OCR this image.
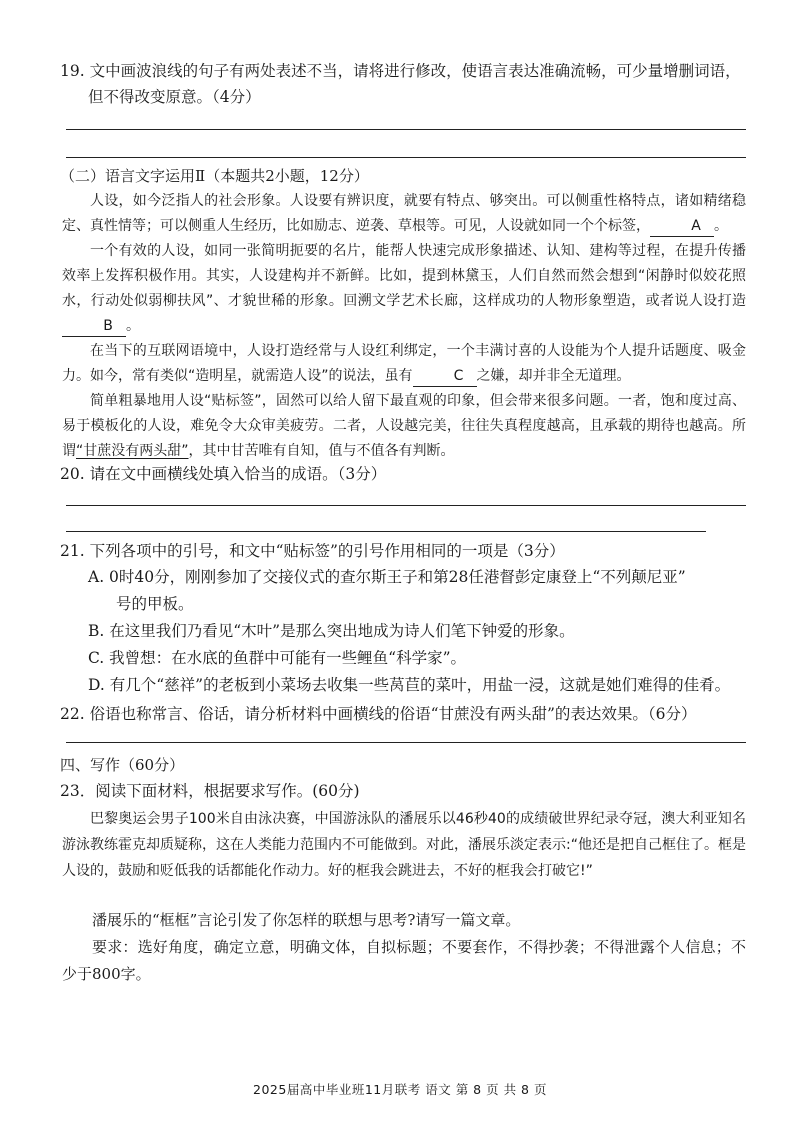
19. 文中画波浪线的句子有两处表述不当，请将进行修改，使语言表达准确流畅，可少量增删词语，
但不得改变原意。（4分）
（二）语言文字运用Ⅱ（本题共2小题，12分）
人设，如今泛指人的社会形象。人设要有辨识度，就要有特点、够突出。可以侧重性格特点，诸如精绪稳定、真性情等；可以侧重人生经历，比如励志、逆袭、草根等。可见，人设就如同一个个标签，	A 。
一个有效的人设，如同一张简明扼要的名片，能帮人快速完成形象描述、认知、建构等过程，在提升传播效率上发挥积极作用。其实，人设建构并不新鲜。比如，提到林黛玉，人们自然而然会想到“闲静时似姣花照水，行动处似弱柳扶风”、才貌世稀的形象。回溯文学艺术长廊，这样成功的人物形象塑造，或者说人设打造B 。
在当下的互联网语境中，人设打造经常与人设红利绑定，一个丰满讨喜的人设能为个人提升话题度、吸金力。如今，常有类似“造明星，就需造人设”的说法，虽有	C 之嫌，却并非全无道理。
简单粗暴地用人设“贴标签”，固然可以给人留下最直观的印象，但会带来很多问题。一者，饱和度过高、易于模板化的人设，难免令大众审美疲劳。二者，人设越完美，往往失真程度越高，且承载的期待也越高。所谓“甘蔗没有两头甜”，其中甘苦唯有自知，值与不值各有判断。
20. 请在文中画横线处填入恰当的成语。（3分）
21. 下列各项中的引号，和文中“贴标签”的引号作用相同的一项是（3分）
A. 0时40分，刚刚参加了交接仪式的查尔斯王子和第28任港督彭定康登上“不列颠尼亚”
号的甲板。
B. 在这里我们乃看见“木叶”是那么突出地成为诗人们笔下钟爱的形象。
C. 我曾想：在水底的鱼群中可能有一些鲤鱼“科学家”。
D. 有几个“慈祥”的老板到小菜场去收集一些莴苣的菜叶，用盐一浸，这就是她们难得的佳肴。
22. 俗语也称常言、俗话，请分析材料中画横线的俗语“甘蔗没有两头甜”的表达效果。（6分）
四、写作（60分）
23．阅读下面材料，根据要求写作。(60分)
巴黎奥运会男子100米自由泳决赛，中国游泳队的潘展乐以46秒40的成绩破世界纪录夺冠，澳大利亚知名游泳教练霍克却质疑称，这在人类能力范围内不可能做到。对此，潘展乐淡定表示:“他还是把自己框住了。框是人设的，鼓励和贬低我的话都能化作动力。好的框我会跳进去，不好的框我会打破它!”
潘展乐的“框框”言论引发了你怎样的联想与思考?请写一篇文章。
要求：选好角度，确定立意，明确文体，自拟标题；不要套作，不得抄袭；不得泄露个人信息；不少于800字。
2025届高中毕业班11月联考 语文 第 8 页 共 8 页
